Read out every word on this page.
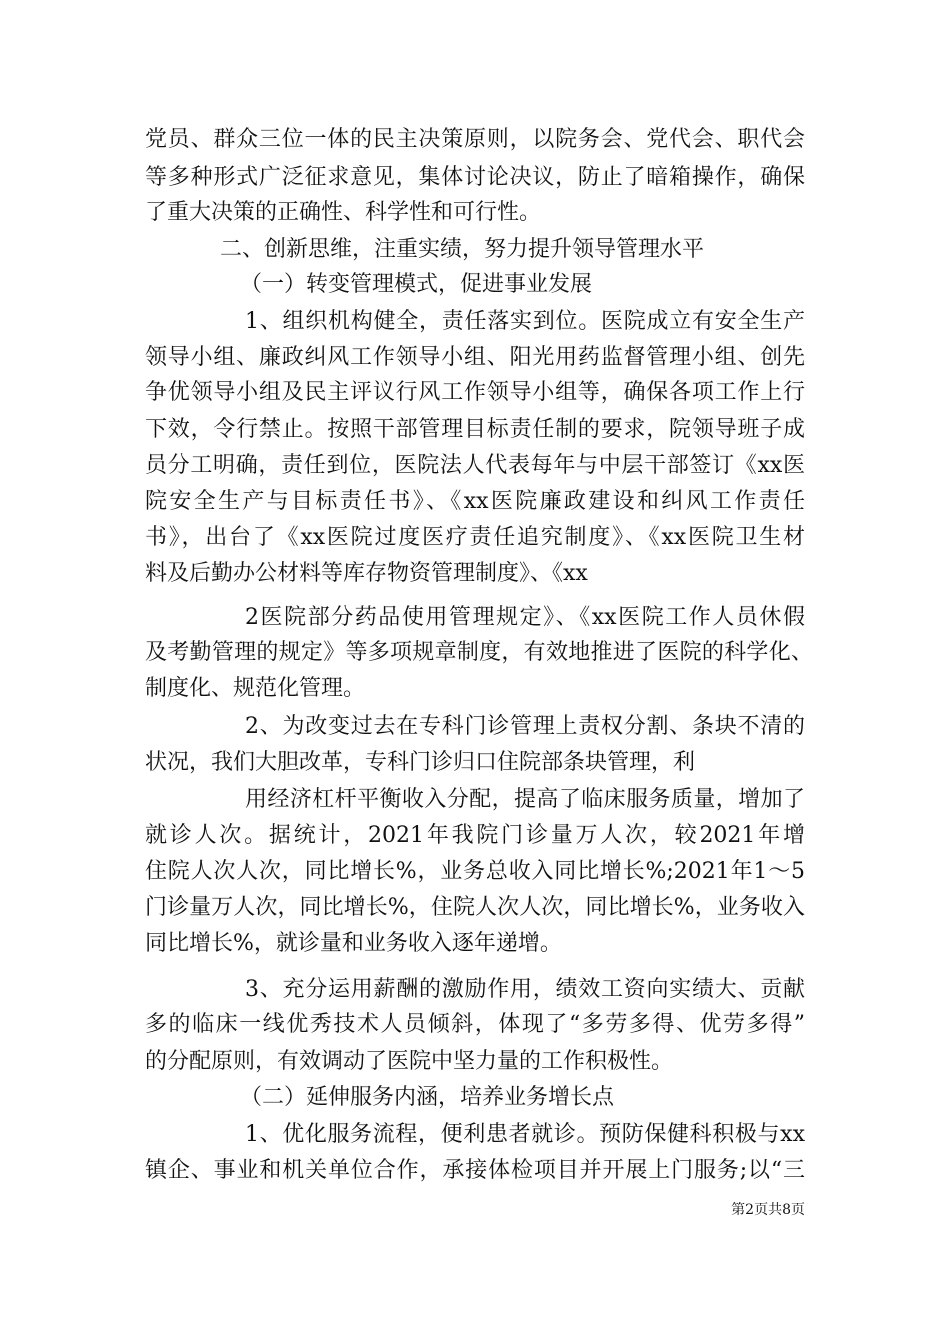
党员、群众三位一体的民主决策原则，以院务会、党代会、职代会
等多种形式广泛征求意见，集体讨论决议，防止了暗箱操作，确保
了重大决策的正确性、科学性和可行性。
二、创新思维，注重实绩，努力提升领导管理水平
（一）转变管理模式，促进事业发展
1、组织机构健全，责任落实到位。医院成立有安全生产
领导小组、廉政纠风工作领导小组、阳光用药监督管理小组、创先
争优领导小组及民主评议行风工作领导小组等，确保各项工作上行
下效，令行禁止。按照干部管理目标责任制的要求，院领导班子成
员分工明确，责任到位，医院法人代表每年与中层干部签订《xx医
院安全生产与目标责任书》、《xx医院廉政建设和纠风工作责任
书》，出台了《xx医院过度医疗责任追究制度》、《xx医院卫生材
料及后勤办公材料等库存物资管理制度》、《xx
2医院部分药品使用管理规定》、《xx医院工作人员休假
及考勤管理的规定》等多项规章制度，有效地推进了医院的科学化、
制度化、规范化管理。
2、为改变过去在专科门诊管理上责权分割、条块不清的
状况，我们大胆改革，专科门诊归口住院部条块管理，利
用经济杠杆平衡收入分配，提高了临床服务质量，增加了
就诊人次。据统计，2021年我院门诊量万人次，较2021年增
住院人次人次，同比增长%，业务总收入同比增长%;2021年1～5
门诊量万人次，同比增长%，住院人次人次，同比增长%，业务收入
同比增长%，就诊量和业务收入逐年递增。
3、充分运用薪酬的激励作用，绩效工资向实绩大、贡献
多的临床一线优秀技术人员倾斜，体现了“多劳多得、优劳多得”
的分配原则，有效调动了医院中坚力量的工作积极性。
（二）延伸服务内涵，培养业务增长点
1、优化服务流程，便利患者就诊。预防保健科积极与xx
镇企、事业和机关单位合作，承接体检项目并开展上门服务;以“三
第2页共8页
